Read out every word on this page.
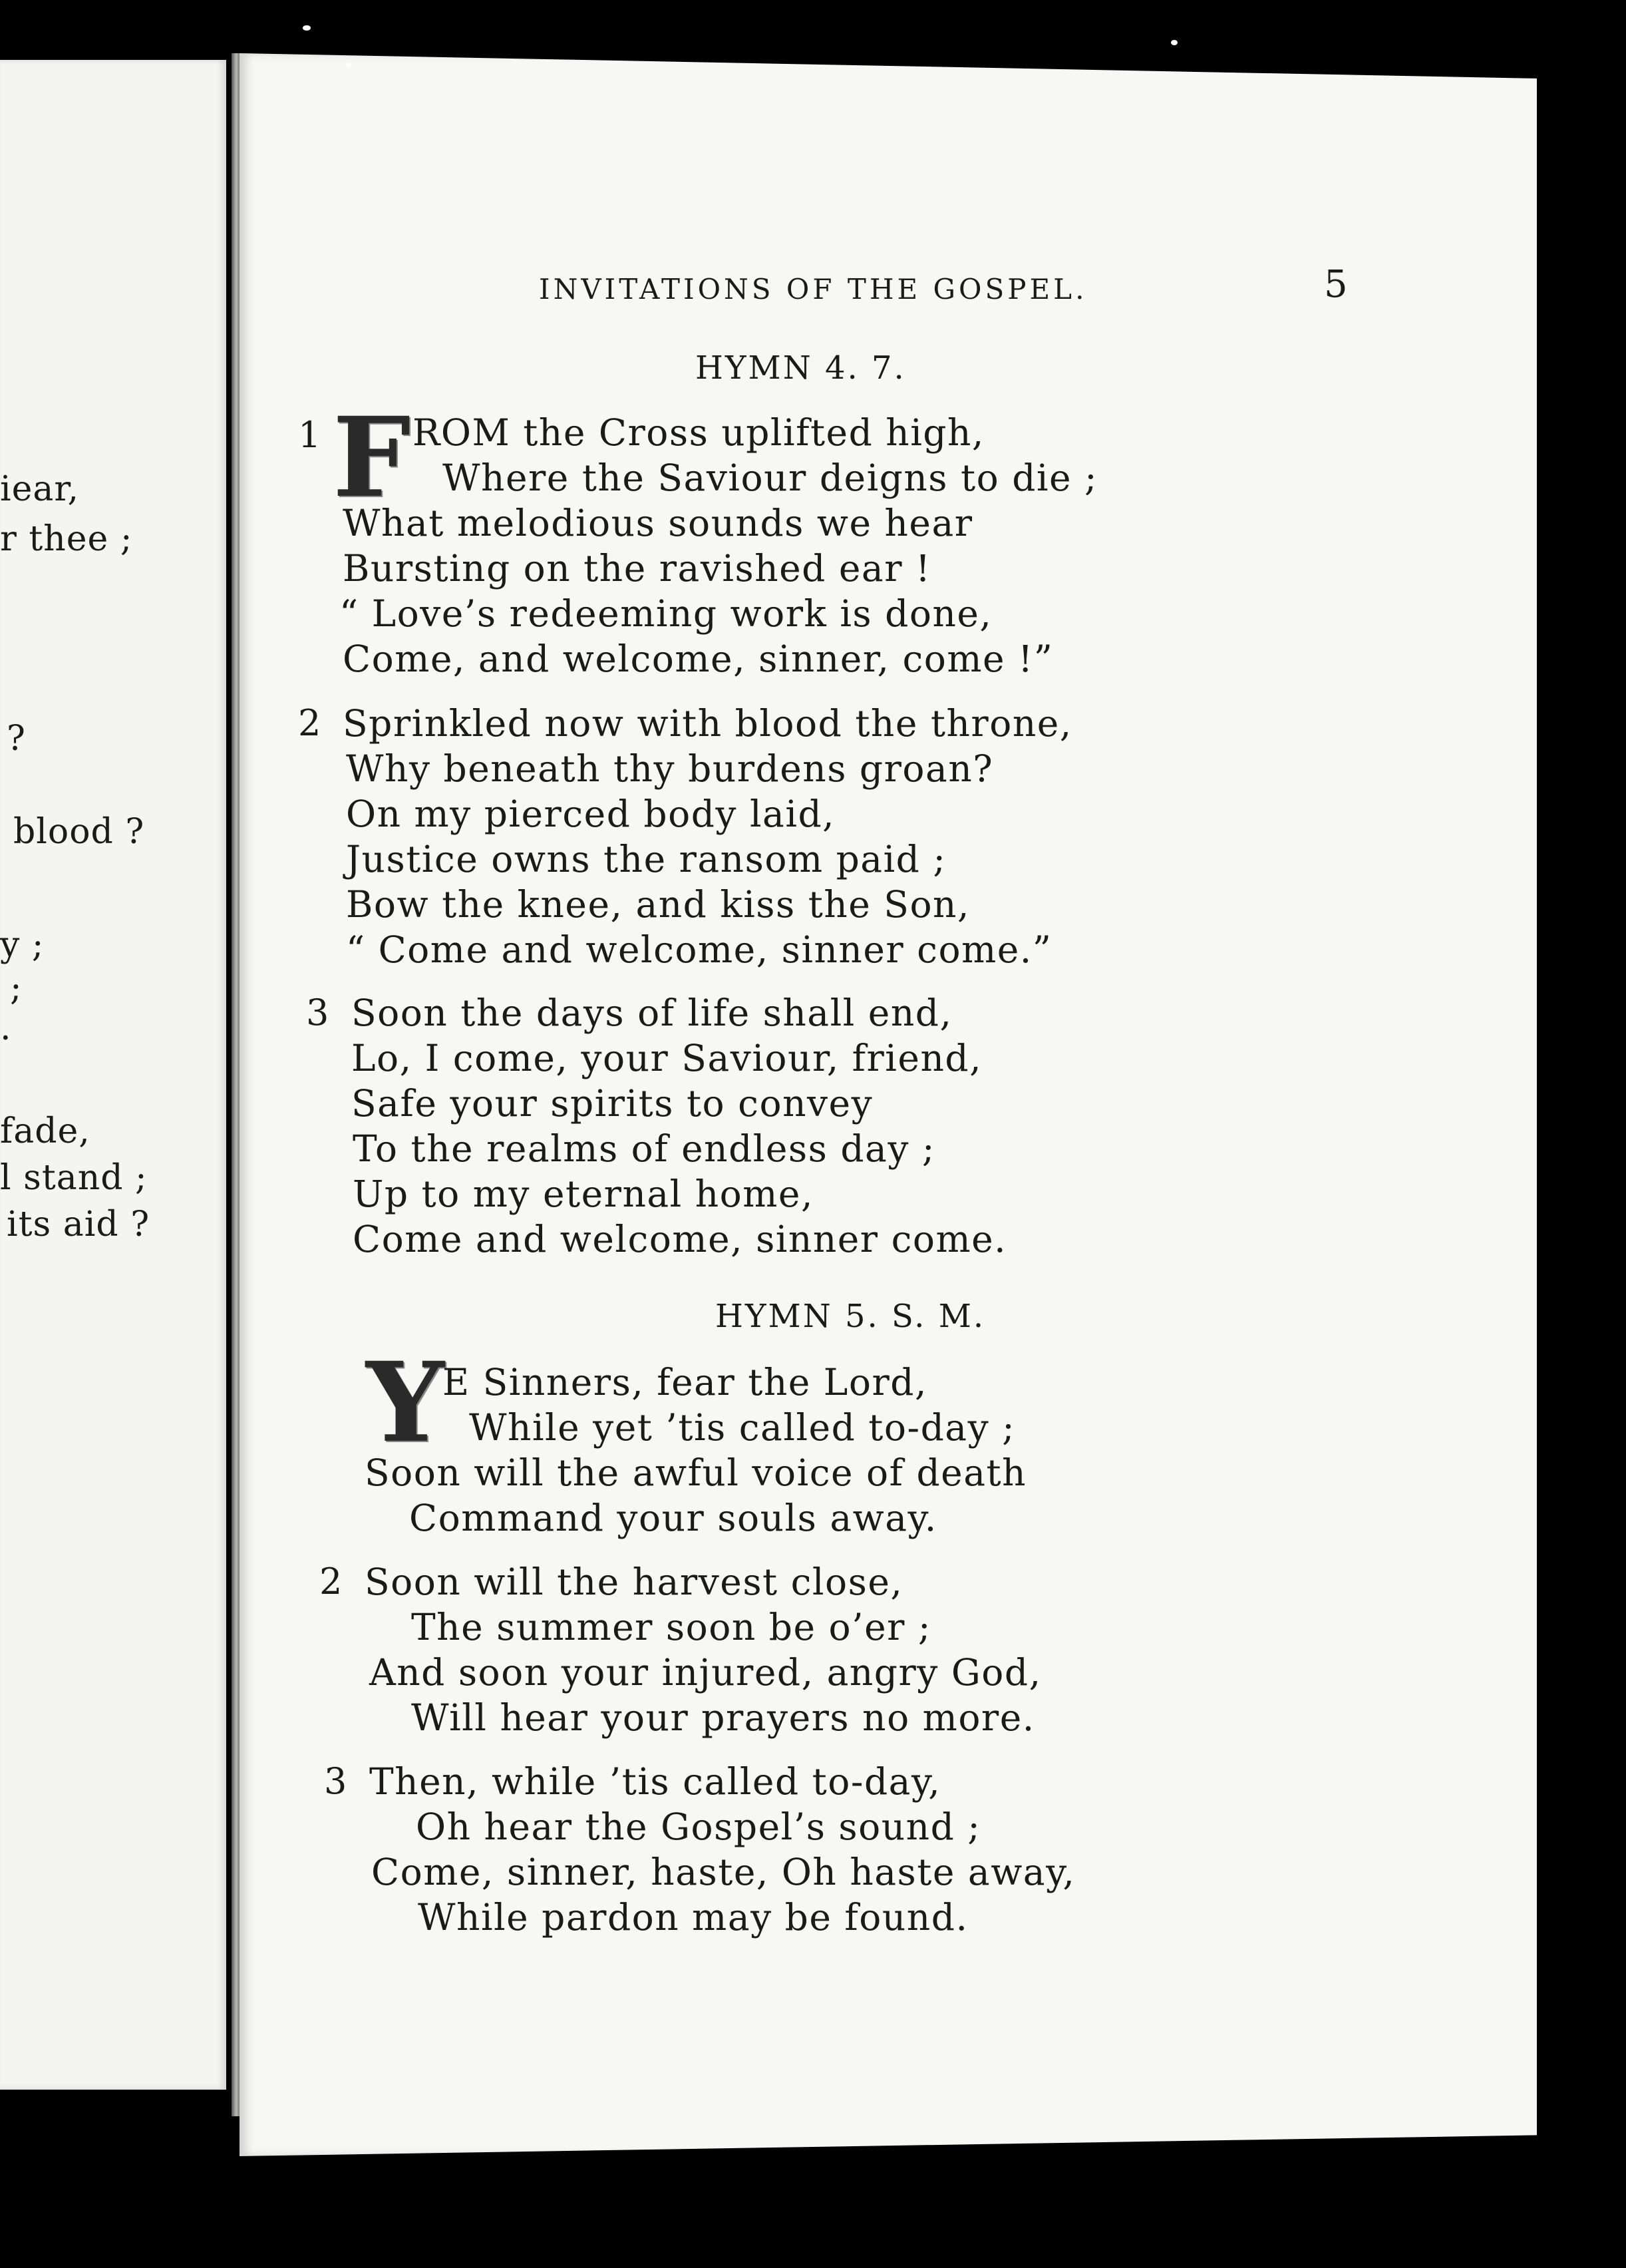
iear,
r thee ;
?
blood ?
y ;
;
.
fade,
l stand ;
its aid ?
INVITATIONS OF THE GOSPEL.	5
HYMN 4. 7.
1 F ROM the Cross uplifted high,
Where the Saviour deigns to die ;
What melodious sounds we hear
Bursting on the ravished ear !
“ Love’s redeeming work is done,
Come, and welcome, sinner, come !”
2 Sprinkled now with blood the throne,
Why beneath thy burdens groan?
On my pierced body laid,
Justice owns the ransom paid ;
Bow the knee, and kiss the Son,
“ Come and welcome, sinner come.”
3 Soon the days of life shall end,
Lo, I come, your Saviour, friend,
Safe your spirits to convey
To the realms of endless day ;
Up to my eternal home,
Come and welcome, sinner come.
HYMN 5. S. M.
Y
E Sinners, fear the Lord,
While yet ’tis called to-day ;
Soon will the awful voice of death
Command your souls away.
2 Soon will the harvest close,
The summer soon be o’er ;
And soon your injured, angry God,
Will hear your prayers no more.
3 Then, while ’tis called to-day,
Oh hear the Gospel’s sound ;
Come, sinner, haste, Oh haste away,
While pardon may be found.
